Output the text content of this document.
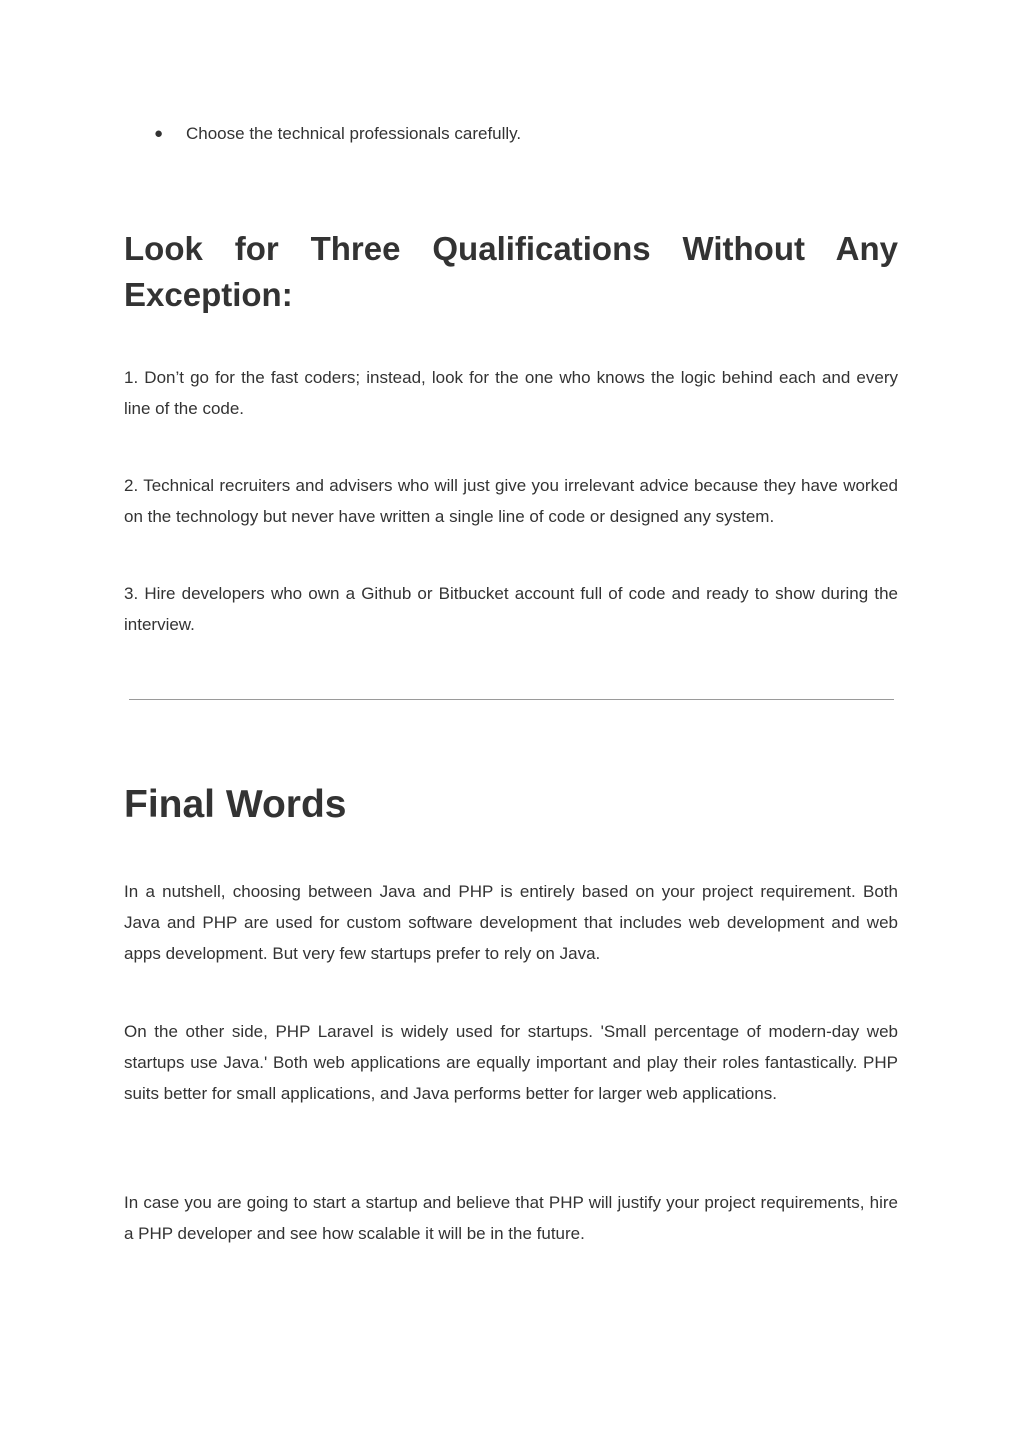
● Choose the technical professionals carefully.
Look for Three Qualifications Without Any Exception:

1. Don’t go for the fast coders; instead, look for the one who knows the logic behind each and every line of the code.

2. Technical recruiters and advisers who will just give you irrelevant advice because they have worked on the technology but never have written a single line of code or designed any system.

3. Hire developers who own a Github or Bitbucket account full of code and ready to show during the interview.

Final Words

In a nutshell, choosing between Java and PHP is entirely based on your project requirement. Both Java and PHP are used for custom software development that includes web development and web apps development. But very few startups prefer to rely on Java.

On the other side, PHP Laravel is widely used for startups. 'Small percentage of modern-day web startups use Java.' Both web applications are equally important and play their roles fantastically. PHP suits better for small applications, and Java performs better for larger web applications.

In case you are going to start a startup and believe that PHP will justify your project requirements, hire a PHP developer and see how scalable it will be in the future.
